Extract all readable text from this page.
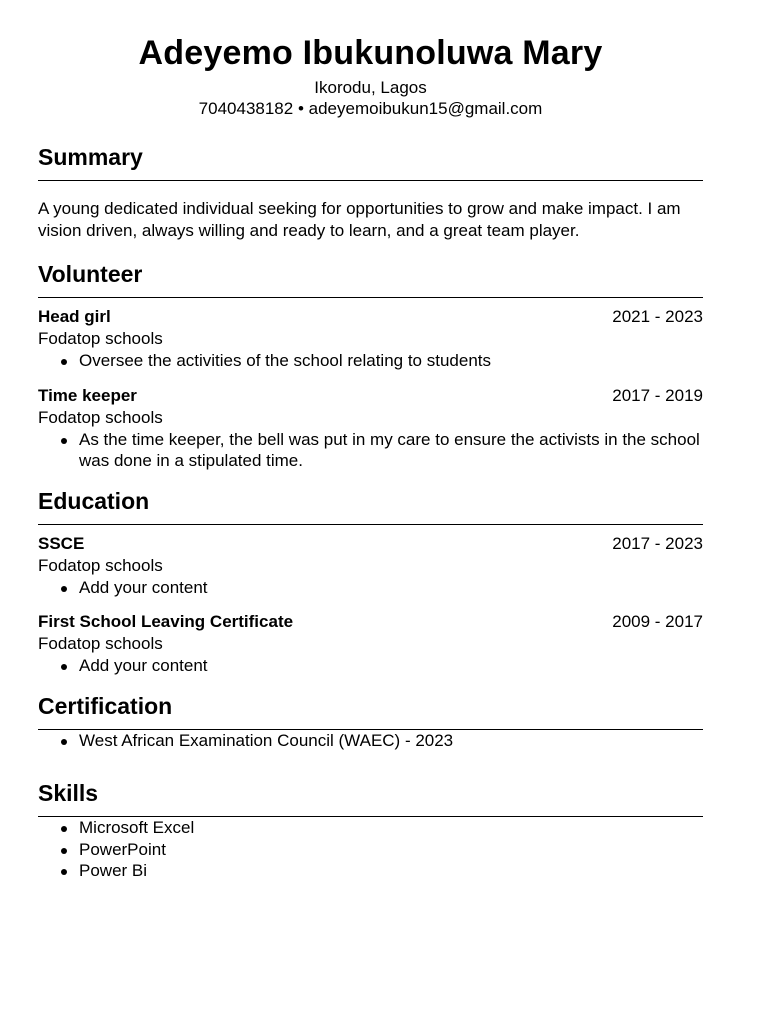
Adeyemo Ibukunoluwa Mary
Ikorodu, Lagos
7040438182 • adeyemoibukun15@gmail.com
Summary
A young dedicated individual seeking for opportunities to grow and make impact. I am vision driven, always willing and ready to learn, and a great team player.
Volunteer
Head girl	2021 - 2023
Fodatop schools
Oversee the activities of the school relating to students
Time keeper	2017 - 2019
Fodatop schools
As the time keeper, the bell was put in my care to ensure the activists in the school was done in a stipulated time.
Education
SSCE	2017 - 2023
Fodatop schools
Add your content
First School Leaving Certificate	2009 - 2017
Fodatop schools
Add your content
Certification
West African Examination Council (WAEC) - 2023
Skills
Microsoft Excel
PowerPoint
Power Bi
